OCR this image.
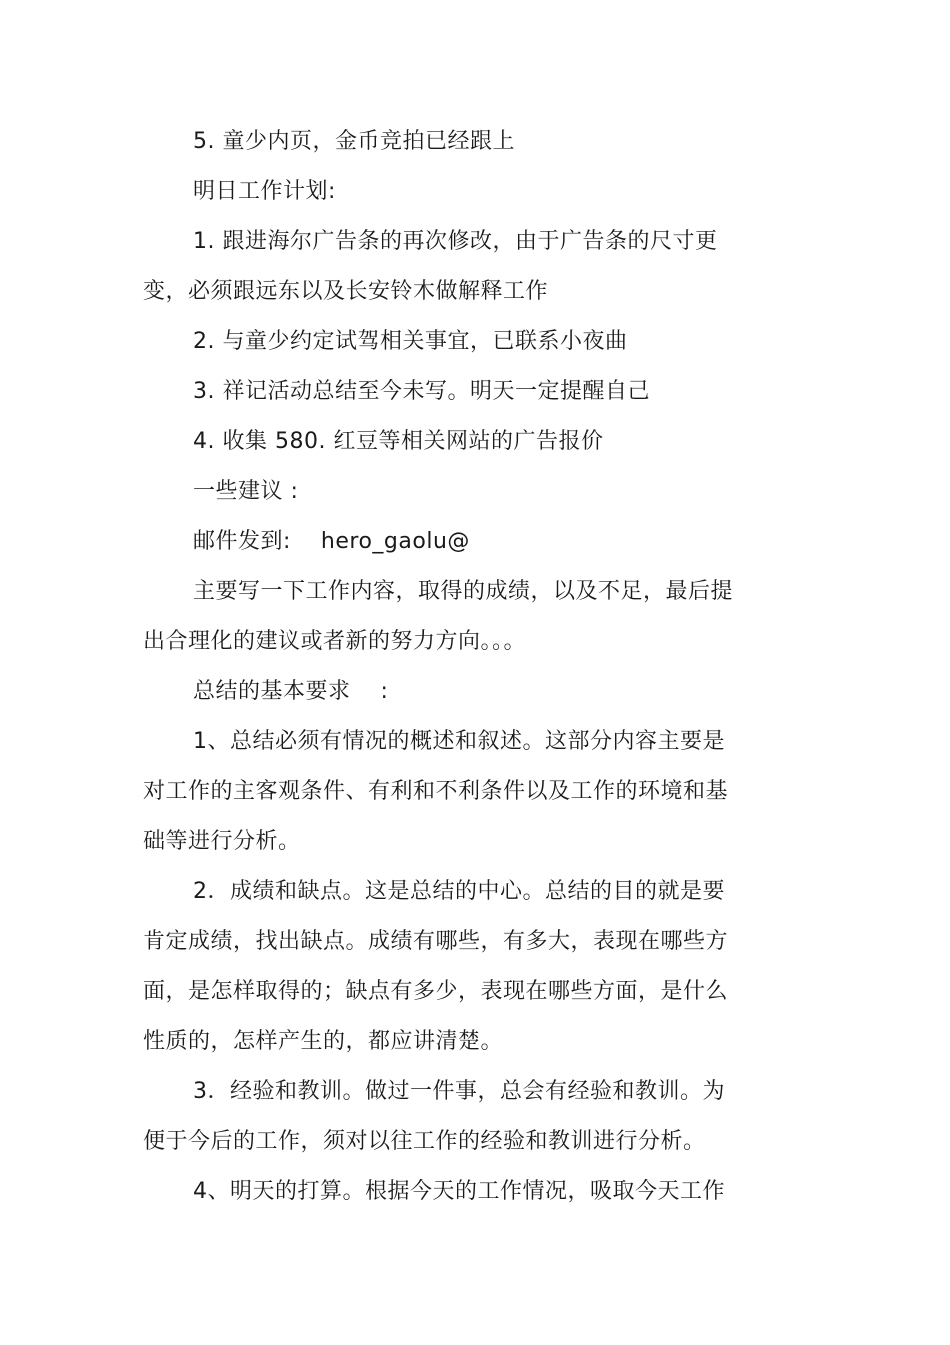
5. 童少内页，金币竞拍已经跟上
明日工作计划:
1. 跟进海尔广告条的再次修改，由于广告条的尺寸更
变，必须跟远东以及长安铃木做解释工作
2. 与童少约定试驾相关事宜，已联系小夜曲
3. 祥记活动总结至今未写。明天一定提醒自己
4. 收集 580. 红豆等相关网站的广告报价
一些建议 :
邮件发到: hero_gaolu@
主要写一下工作内容，取得的成绩，以及不足，最后提
出合理化的建议或者新的努力方向。。。
总结的基本要求 :
1、总结必须有情况的概述和叙述。这部分内容主要是
对工作的主客观条件、有利和不利条件以及工作的环境和基
础等进行分析。
2．成绩和缺点。这是总结的中心。总结的目的就是要
肯定成绩，找出缺点。成绩有哪些，有多大，表现在哪些方
面，是怎样取得的；缺点有多少，表现在哪些方面，是什么
性质的，怎样产生的，都应讲清楚。
3．经验和教训。做过一件事，总会有经验和教训。为
便于今后的工作，须对以往工作的经验和教训进行分析。
4、明天的打算。根据今天的工作情况，吸取今天工作
